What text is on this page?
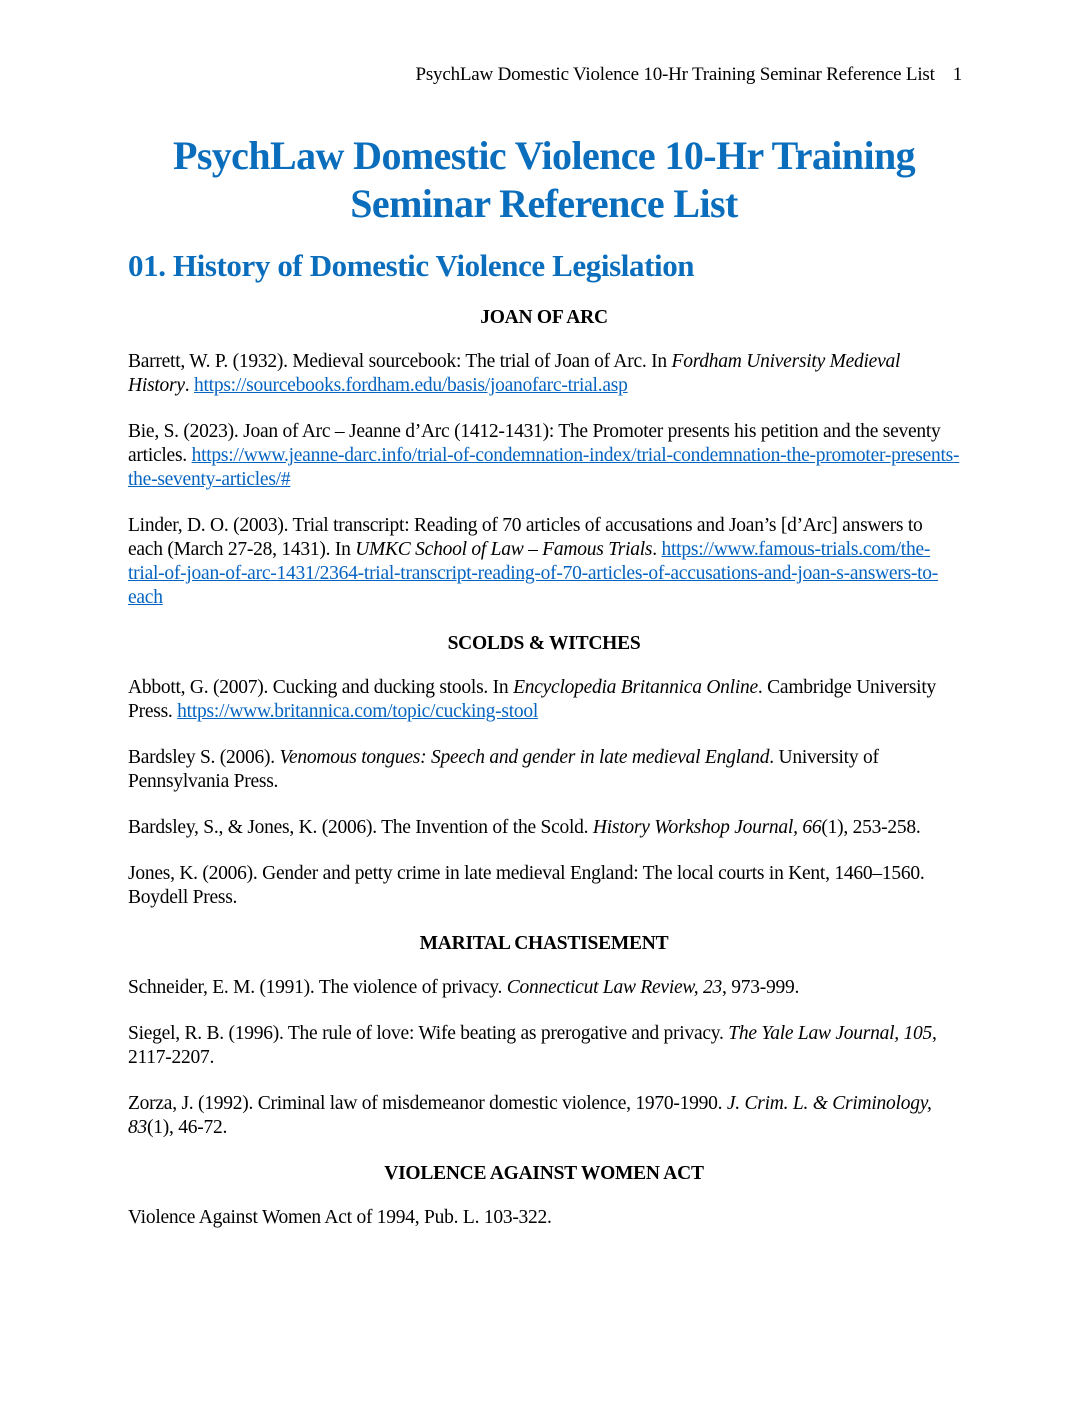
PsychLaw Domestic Violence 10-Hr Training Seminar Reference List 1
PsychLaw Domestic Violence 10-Hr Training Seminar Reference List
01. History of Domestic Violence Legislation
JOAN OF ARC

Barrett, W. P. (1932). Medieval sourcebook: The trial of Joan of Arc. In Fordham University Medieval History. https://sourcebooks.fordham.edu/basis/joanofarc-trial.asp

Bie, S. (2023). Joan of Arc – Jeanne d’Arc (1412-1431): The Promoter presents his petition and the seventy articles. https://www.jeanne-darc.info/trial-of-condemnation-index/trial-condemnation-the-promoter-presents-the-seventy-articles/#

Linder, D. O. (2003). Trial transcript: Reading of 70 articles of accusations and Joan’s [d’Arc] answers to each (March 27-28, 1431). In UMKC School of Law – Famous Trials. https://www.famous-trials.com/the-trial-of-joan-of-arc-1431/2364-trial-transcript-reading-of-70-articles-of-accusations-and-joan-s-answers-to-each

SCOLDS & WITCHES

Abbott, G. (2007). Cucking and ducking stools. In Encyclopedia Britannica Online. Cambridge University Press. https://www.britannica.com/topic/cucking-stool

Bardsley S. (2006). Venomous tongues: Speech and gender in late medieval England. University of Pennsylvania Press.

Bardsley, S., & Jones, K. (2006). The Invention of the Scold. History Workshop Journal, 66(1), 253-258.

Jones, K. (2006). Gender and petty crime in late medieval England: The local courts in Kent, 1460–1560. Boydell Press.

MARITAL CHASTISEMENT

Schneider, E. M. (1991). The violence of privacy. Connecticut Law Review, 23, 973-999.

Siegel, R. B. (1996). The rule of love: Wife beating as prerogative and privacy. The Yale Law Journal, 105, 2117-2207.

Zorza, J. (1992). Criminal law of misdemeanor domestic violence, 1970-1990. J. Crim. L. & Criminology, 83(1), 46-72.

VIOLENCE AGAINST WOMEN ACT

Violence Against Women Act of 1994, Pub. L. 103-322.
